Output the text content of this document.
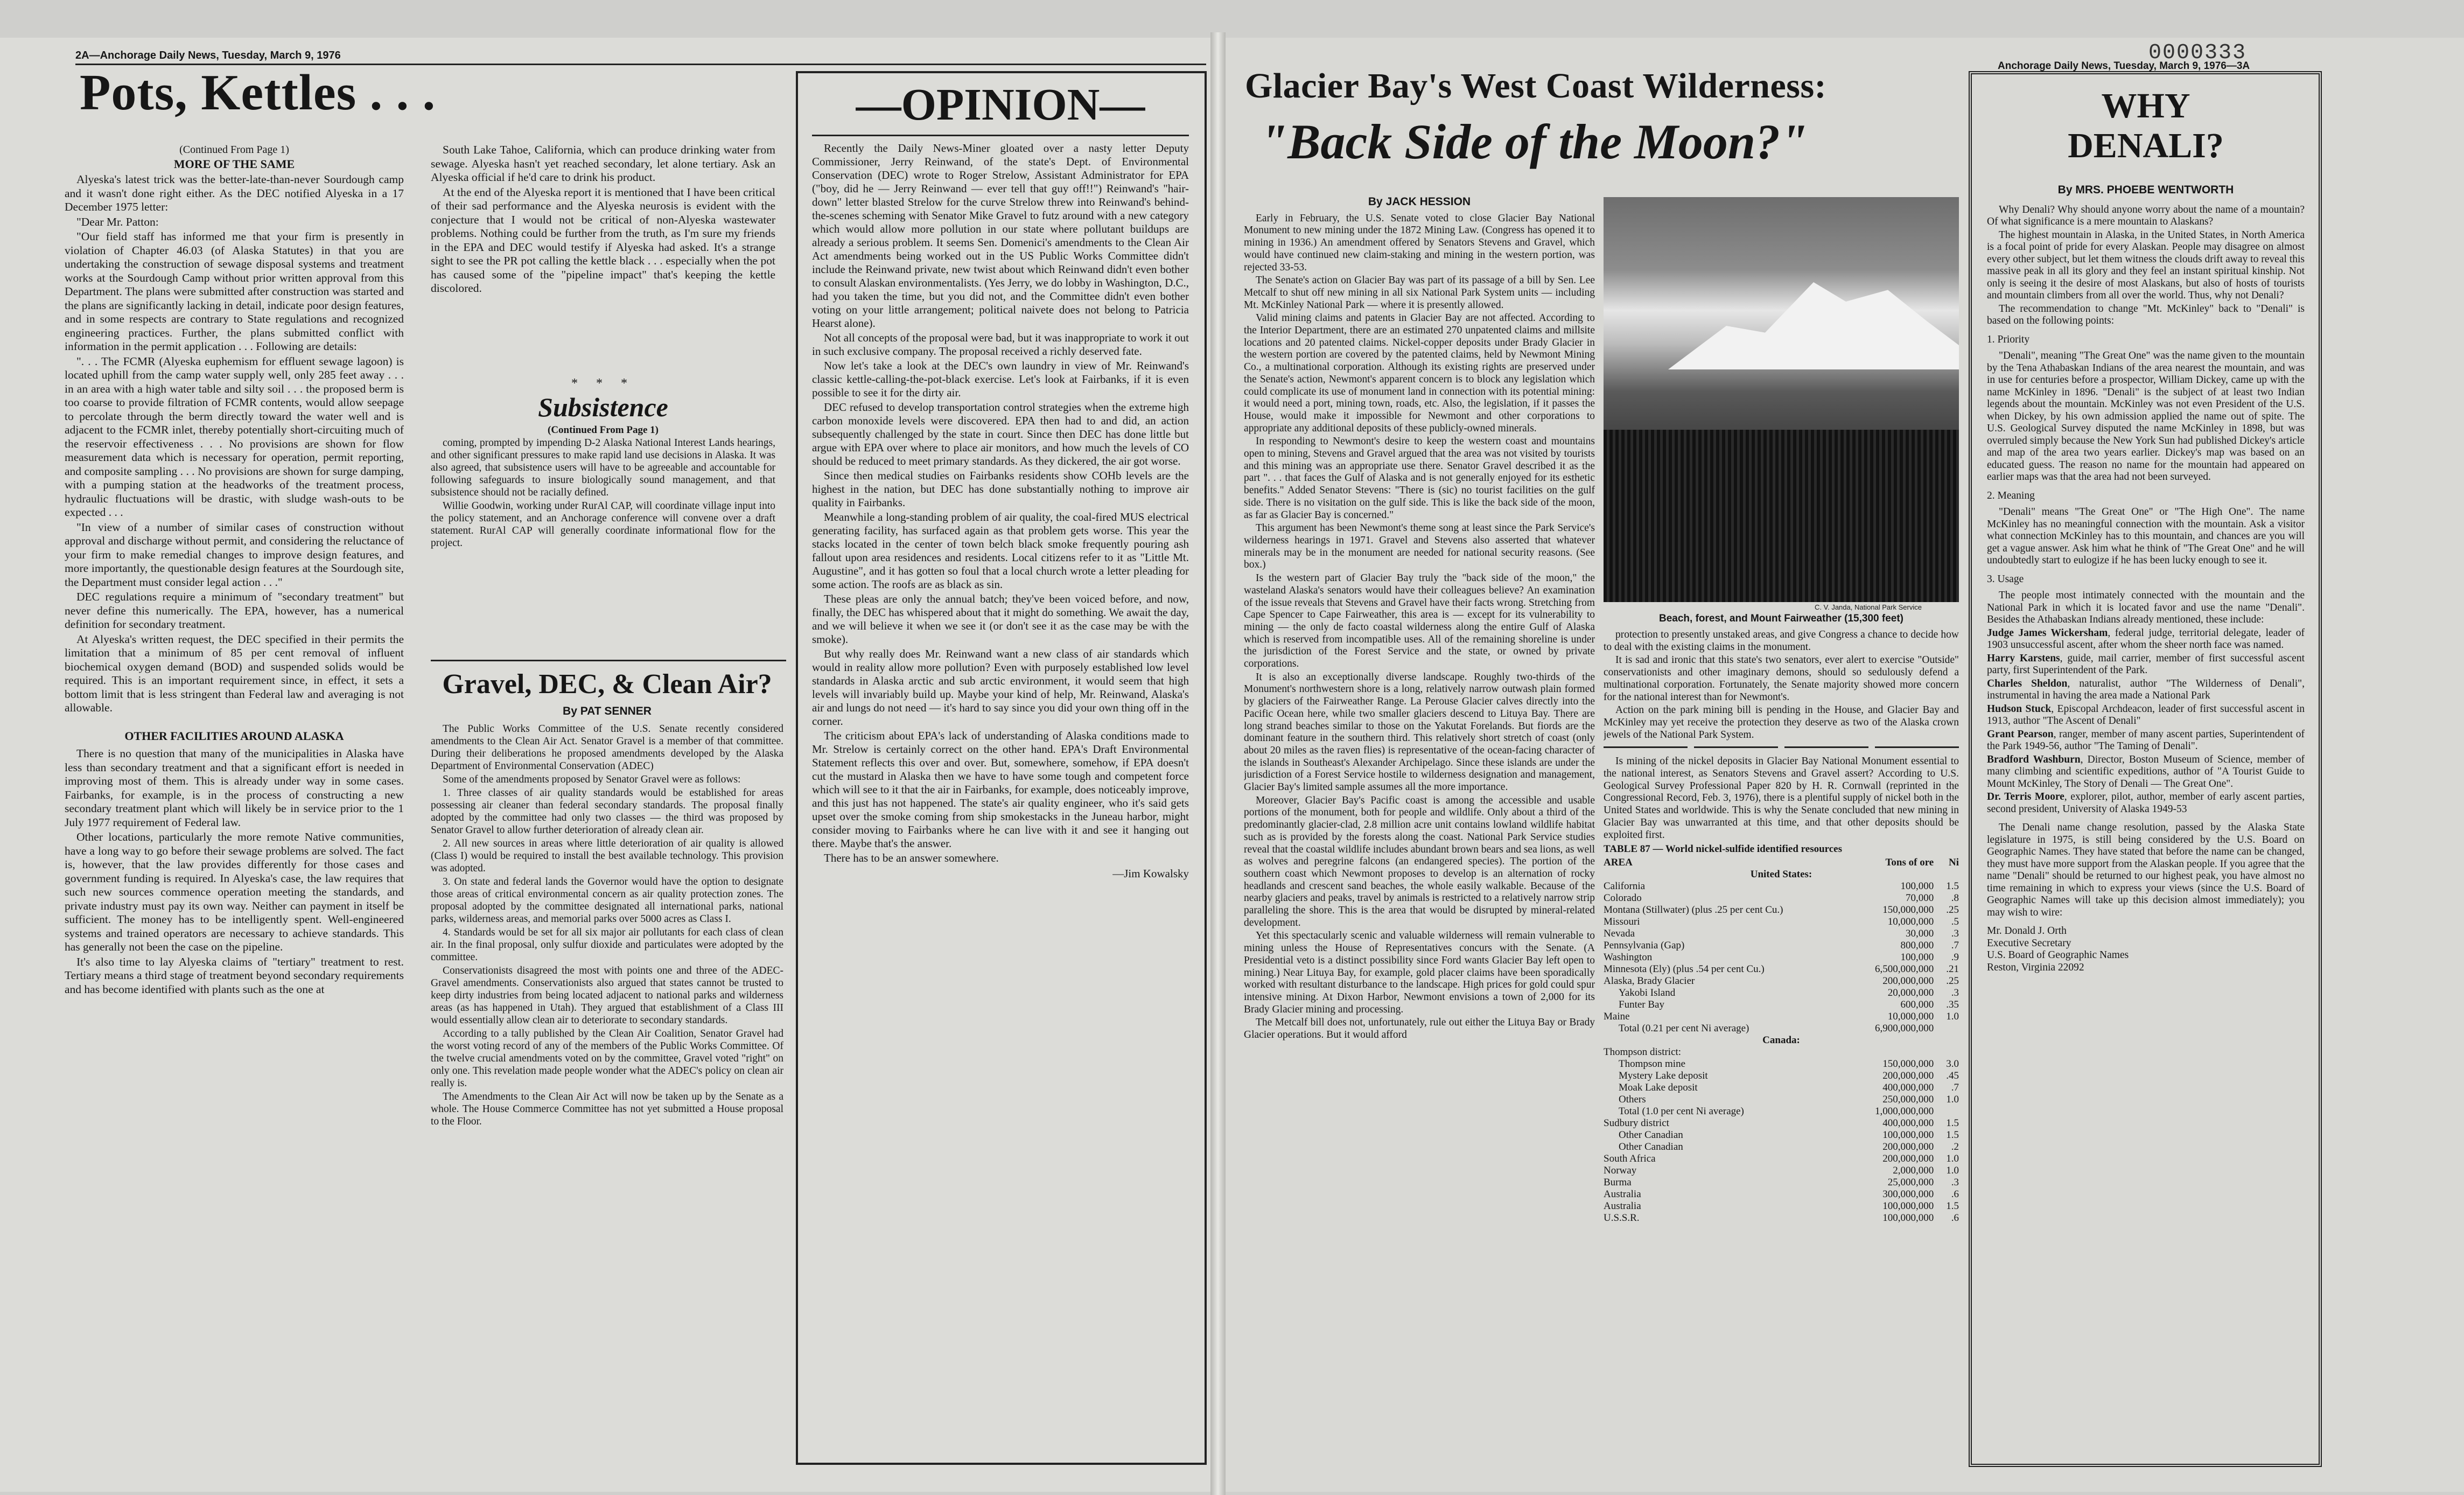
2A—Anchorage Daily News, Tuesday, March 9, 1976
Pots, Kettles . . .
(Continued From Page 1)
MORE OF THE SAME

Alyeska's latest trick was the better-late-than-never Sourdough camp and it wasn't done right either. As the DEC notified Alyeska in a 17 December 1975 letter:

"Dear Mr. Patton:

"Our field staff has informed me that your firm is presently in violation of Chapter 46.03 (of Alaska Statutes) in that you are undertaking the construction of sewage disposal systems and treatment works at the Sourdough Camp without prior written approval from this Department. The plans were submitted after construction was started and the plans are significantly lacking in detail, indicate poor design features, and in some respects are contrary to State regulations and recognized engineering practices. Further, the plans submitted conflict with information in the permit application . . . Following are details:

". . . The FCMR (Alyeska euphemism for effluent sewage lagoon) is located uphill from the camp water supply well, only 285 feet away . . . in an area with a high water table and silty soil . . . the proposed berm is too coarse to provide filtration of FCMR contents, would allow seepage to percolate through the berm directly toward the water well and is adjacent to the FCMR inlet, thereby potentially short-circuiting much of the reservoir effectiveness . . . No provisions are shown for flow measurement data which is necessary for operation, permit reporting, and composite sampling . . . No provisions are shown for surge damping, with a pumping station at the headworks of the treatment process, hydraulic fluctuations will be drastic, with sludge wash-outs to be expected . . .

"In view of a number of similar cases of construction without approval and discharge without permit, and considering the reluctance of your firm to make remedial changes to improve design features, and more importantly, the questionable design features at the Sourdough site, the Department must consider legal action . . ."

DEC regulations require a minimum of "secondary treatment" but never define this numerically. The EPA, however, has a numerical definition for secondary treatment.

At Alyeska's written request, the DEC specified in their permits the limitation that a minimum of 85 per cent removal of influent biochemical oxygen demand (BOD) and suspended solids would be required. This is an important requirement since, in effect, it sets a bottom limit that is less stringent than Federal law and averaging is not allowable.

OTHER FACILITIES AROUND ALASKA

There is no question that many of the municipalities in Alaska have less than secondary treatment and that a significant effort is needed in improving most of them. This is already under way in some cases. Fairbanks, for example, is in the process of constructing a new secondary treatment plant which will likely be in service prior to the 1 July 1977 requirement of Federal law.

Other locations, particularly the more remote Native communities, have a long way to go before their sewage problems are solved. The fact is, however, that the law provides differently for those cases and government funding is required. In Alyeska's case, the law requires that such new sources commence operation meeting the standards, and private industry must pay its own way. Neither can payment in itself be sufficient. The money has to be intelligently spent. Well-engineered systems and trained operators are necessary to achieve standards. This has generally not been the case on the pipeline.

It's also time to lay Alyeska claims of "tertiary" treatment to rest. Tertiary means a third stage of treatment beyond secondary requirements and has become identified with plants such as the one at

South Lake Tahoe, California, which can produce drinking water from sewage. Alyeska hasn't yet reached secondary, let alone tertiary. Ask an Alyeska official if he'd care to drink his product.

At the end of the Alyeska report it is mentioned that I have been critical of their sad performance and the Alyeska neurosis is evident with the conjecture that I would not be critical of non-Alyeska wastewater problems. Nothing could be further from the truth, as I'm sure my friends in the EPA and DEC would testify if Alyeska had asked. It's a strange sight to see the PR pot calling the kettle black . . . especially when the pot has caused some of the "pipeline impact" that's keeping the kettle discolored.

* * *
Subsistence
(Continued From Page 1)

coming, prompted by impending D-2 Alaska National Interest Lands hearings, and other significant pressures to make rapid land use decisions in Alaska. It was also agreed, that subsistence users will have to be agreeable and accountable for following safeguards to insure biologically sound management, and that subsistence should not be racially defined.

Willie Goodwin, working under RurAl CAP, will coordinate village input into the policy statement, and an Anchorage conference will convene over a draft statement. RurAl CAP will generally coordinate informational flow for the project.

Gravel, DEC, & Clean Air?
By PAT SENNER

The Public Works Committee of the U.S. Senate recently considered amendments to the Clean Air Act. Senator Gravel is a member of that committee. During their deliberations he proposed amendments developed by the Alaska Department of Environmental Conservation (ADEC)

Some of the amendments proposed by Senator Gravel were as follows:

1. Three classes of air quality standards would be established for areas possessing air cleaner than federal secondary standards. The proposal finally adopted by the committee had only two classes — the third was proposed by Senator Gravel to allow further deterioration of already clean air.

2. All new sources in areas where little deterioration of air quality is allowed (Class I) would be required to install the best available technology. This provision was adopted.

3. On state and federal lands the Governor would have the option to designate those areas of critical environmental concern as air quality protection zones. The proposal adopted by the committee designated all international parks, national parks, wilderness areas, and memorial parks over 5000 acres as Class I.

4. Standards would be set for all six major air pollutants for each class of clean air. In the final proposal, only sulfur dioxide and particulates were adopted by the committee.

Conservationists disagreed the most with points one and three of the ADEC-Gravel amendments. Conservationists also argued that states cannot be trusted to keep dirty industries from being located adjacent to national parks and wilderness areas (as has happened in Utah). They argued that establishment of a Class III would essentially allow clean air to deteriorate to secondary standards.

According to a tally published by the Clean Air Coalition, Senator Gravel had the worst voting record of any of the members of the Public Works Committee. Of the twelve crucial amendments voted on by the committee, Gravel voted "right" on only one. This revelation made people wonder what the ADEC's policy on clean air really is.

The Amendments to the Clean Air Act will now be taken up by the Senate as a whole. The House Commerce Committee has not yet submitted a House proposal to the Floor.

—OPINION—

Recently the Daily News-Miner gloated over a nasty letter Deputy Commissioner, Jerry Reinwand, of the state's Dept. of Environmental Conservation (DEC) wrote to Roger Strelow, Assistant Administrator for EPA ("boy, did he — Jerry Reinwand — ever tell that guy off!!") Reinwand's "hair-down" letter blasted Strelow for the curve Strelow threw into Reinwand's behind-the-scenes scheming with Senator Mike Gravel to futz around with a new category which would allow more pollution in our state where pollutant buildups are already a serious problem. It seems Sen. Domenici's amendments to the Clean Air Act amendments being worked out in the US Public Works Committee didn't include the Reinwand private, new twist about which Reinwand didn't even bother to consult Alaskan environmentalists. (Yes Jerry, we do lobby in Washington, D.C., had you taken the time, but you did not, and the Committee didn't even bother voting on your little arrangement; political naivete does not belong to Patricia Hearst alone).

Not all concepts of the proposal were bad, but it was inappropriate to work it out in such exclusive company. The proposal received a richly deserved fate.

Now let's take a look at the DEC's own laundry in view of Mr. Reinwand's classic kettle-calling-the-pot-black exercise. Let's look at Fairbanks, if it is even possible to see it for the dirty air.

DEC refused to develop transportation control strategies when the extreme high carbon monoxide levels were discovered. EPA then had to and did, an action subsequently challenged by the state in court. Since then DEC has done little but argue with EPA over where to place air monitors, and how much the levels of CO should be reduced to meet primary standards. As they dickered, the air got worse.

Since then medical studies on Fairbanks residents show COHb levels are the highest in the nation, but DEC has done substantially nothing to improve air quality in Fairbanks.

Meanwhile a long-standing problem of air quality, the coal-fired MUS electrical generating facility, has surfaced again as that problem gets worse. This year the stacks located in the center of town belch black smoke frequently pouring ash fallout upon area residences and residents. Local citizens refer to it as "Little Mt. Augustine", and it has gotten so foul that a local church wrote a letter pleading for some action. The roofs are as black as sin.

These pleas are only the annual batch; they've been voiced before, and now, finally, the DEC has whispered about that it might do something. We await the day, and we will believe it when we see it (or don't see it as the case may be with the smoke).

But why really does Mr. Reinwand want a new class of air standards which would in reality allow more pollution? Even with purposely established low level standards in Alaska arctic and sub arctic environment, it would seem that high levels will invariably build up. Maybe your kind of help, Mr. Reinwand, Alaska's air and lungs do not need — it's hard to say since you did your own thing off in the corner.

The criticism about EPA's lack of understanding of Alaska conditions made to Mr. Strelow is certainly correct on the other hand. EPA's Draft Environmental Statement reflects this over and over. But, somewhere, somehow, if EPA doesn't cut the mustard in Alaska then we have to have some tough and competent force which will see to it that the air in Fairbanks, for example, does noticeably improve, and this just has not happened. The state's air quality engineer, who it's said gets upset over the smoke coming from ship smokestacks in the Juneau harbor, might consider moving to Fairbanks where he can live with it and see it hanging out there. Maybe that's the answer.

There has to be an answer somewhere.

—Jim Kowalsky
Anchorage Daily News, Tuesday, March 9, 1976—3A
0000333
Glacier Bay's West Coast Wilderness:
"Back Side of the Moon?"
C. V. Janda, National Park Service
Beach, forest, and Mount Fairweather (15,300 feet)
By JACK HESSION

Early in February, the U.S. Senate voted to close Glacier Bay National Monument to new mining under the 1872 Mining Law. (Congress has opened it to mining in 1936.) An amendment offered by Senators Stevens and Gravel, which would have continued new claim-staking and mining in the western portion, was rejected 33-53.

The Senate's action on Glacier Bay was part of its passage of a bill by Sen. Lee Metcalf to shut off new mining in all six National Park System units — including Mt. McKinley National Park — where it is presently allowed.

Valid mining claims and patents in Glacier Bay are not affected. According to the Interior Department, there are an estimated 270 unpatented claims and millsite locations and 20 patented claims. Nickel-copper deposits under Brady Glacier in the western portion are covered by the patented claims, held by Newmont Mining Co., a multinational corporation. Although its existing rights are preserved under the Senate's action, Newmont's apparent concern is to block any legislation which could complicate its use of monument land in connection with its potential mining: it would need a port, mining town, roads, etc. Also, the legislation, if it passes the House, would make it impossible for Newmont and other corporations to appropriate any additional deposits of these publicly-owned minerals.

In responding to Newmont's desire to keep the western coast and mountains open to mining, Stevens and Gravel argued that the area was not visited by tourists and this mining was an appropriate use there. Senator Gravel described it as the part ". . . that faces the Gulf of Alaska and is not generally enjoyed for its esthetic benefits." Added Senator Stevens: "There is (sic) no tourist facilities on the gulf side. There is no visitation on the gulf side. This is like the back side of the moon, as far as Glacier Bay is concerned."

This argument has been Newmont's theme song at least since the Park Service's wilderness hearings in 1971. Gravel and Stevens also asserted that whatever minerals may be in the monument are needed for national security reasons. (See box.)

Is the western part of Glacier Bay truly the "back side of the moon," the wasteland Alaska's senators would have their colleagues believe? An examination of the issue reveals that Stevens and Gravel have their facts wrong. Stretching from Cape Spencer to Cape Fairweather, this area is — except for its vulnerability to mining — the only de facto coastal wilderness along the entire Gulf of Alaska which is reserved from incompatible uses. All of the remaining shoreline is under the jurisdiction of the Forest Service and the state, or owned by private corporations.

It is also an exceptionally diverse landscape. Roughly two-thirds of the Monument's northwestern shore is a long, relatively narrow outwash plain formed by glaciers of the Fairweather Range. La Perouse Glacier calves directly into the Pacific Ocean here, while two smaller glaciers descend to Lituya Bay. There are long strand beaches similar to those on the Yakutat Forelands. But fiords are the dominant feature in the southern third. This relatively short stretch of coast (only about 20 miles as the raven flies) is representative of the ocean-facing character of the islands in Southeast's Alexander Archipelago. Since these islands are under the jurisdiction of a Forest Service hostile to wilderness designation and management, Glacier Bay's limited sample assumes all the more importance.

Moreover, Glacier Bay's Pacific coast is among the accessible and usable portions of the monument, both for people and wildlife. Only about a third of the predominantly glacier-clad, 2.8 million acre unit contains lowland wildlife habitat such as is provided by the forests along the coast. National Park Service studies reveal that the coastal wildlife includes abundant brown bears and sea lions, as well as wolves and peregrine falcons (an endangered species). The portion of the southern coast which Newmont proposes to develop is an alternation of rocky headlands and crescent sand beaches, the whole easily walkable. Because of the nearby glaciers and peaks, travel by animals is restricted to a relatively narrow strip paralleling the shore. This is the area that would be disrupted by mineral-related development.

Yet this spectacularly scenic and valuable wilderness will remain vulnerable to mining unless the House of Representatives concurs with the Senate. (A Presidential veto is a distinct possibility since Ford wants Glacier Bay left open to mining.) Near Lituya Bay, for example, gold placer claims have been sporadically worked with resultant disturbance to the landscape. High prices for gold could spur intensive mining. At Dixon Harbor, Newmont envisions a town of 2,000 for its Brady Glacier mining and processing.

The Metcalf bill does not, unfortunately, rule out either the Lituya Bay or Brady Glacier operations. But it would afford

protection to presently unstaked areas, and give Congress a chance to decide how to deal with the existing claims in the monument.

It is sad and ironic that this state's two senators, ever alert to exercise "Outside" conservationists and other imaginary demons, should so sedulously defend a multinational corporation. Fortunately, the Senate majority showed more concern for the national interest than for Newmont's.

Action on the park mining bill is pending in the House, and Glacier Bay and McKinley may yet receive the protection they deserve as two of the Alaska crown jewels of the National Park System.

Is mining of the nickel deposits in Glacier Bay National Monument essential to the national interest, as Senators Stevens and Gravel assert? According to U.S. Geological Survey Professional Paper 820 by H. R. Cornwall (reprinted in the Congressional Record, Feb. 3, 1976), there is a plentiful supply of nickel both in the United States and worldwide. This is why the Senate concluded that new mining in Glacier Bay was unwarranted at this time, and that other deposits should be exploited first.

TABLE 87 — World nickel-sulfide identified resources
AREA	Tons of ore	Ni
United States:		
California	100,000	1.5
Colorado	70,000	.8
Montana (Stillwater) (plus .25 per cent Cu.)	150,000,000	.25
Missouri	10,000,000	.5
Nevada	30,000	.3
Pennsylvania (Gap)	800,000	.7
Washington	100,000	.9
Minnesota (Ely) (plus .54 per cent Cu.)	6,500,000,000	.21
Alaska, Brady Glacier	200,000,000	.25
Yakobi Island	20,000,000	.3
Funter Bay	600,000	.35
Maine	10,000,000	1.0
Total (0.21 per cent Ni average)	6,900,000,000	
Canada:		
Thompson district:		
Thompson mine	150,000,000	3.0
Mystery Lake deposit	200,000,000	.45
Moak Lake deposit	400,000,000	.7
Others	250,000,000	1.0
Total (1.0 per cent Ni average)	1,000,000,000	
Sudbury district	400,000,000	1.5
Other Canadian	100,000,000	1.5
Other Canadian	200,000,000	.2
South Africa	200,000,000	1.0
Norway	2,000,000	1.0
Burma	25,000,000	.3
Australia	300,000,000	.6
Australia	100,000,000	1.5
U.S.S.R.	100,000,000	.6
WHY DENALI?
By MRS. PHOEBE WENTWORTH

Why Denali? Why should anyone worry about the name of a mountain? Of what significance is a mere mountain to Alaskans?

The highest mountain in Alaska, in the United States, in North America is a focal point of pride for every Alaskan. People may disagree on almost every other subject, but let them witness the clouds drift away to reveal this massive peak in all its glory and they feel an instant spiritual kinship. Not only is seeing it the desire of most Alaskans, but also of hosts of tourists and mountain climbers from all over the world. Thus, why not Denali?

The recommendation to change "Mt. McKinley" back to "Denali" is based on the following points:

1. Priority

"Denali", meaning "The Great One" was the name given to the mountain by the Tena Athabaskan Indians of the area nearest the mountain, and was in use for centuries before a prospector, William Dickey, came up with the name McKinley in 1896. "Denali" is the subject of at least two Indian legends about the mountain. McKinley was not even President of the U.S. when Dickey, by his own admission applied the name out of spite. The U.S. Geological Survey disputed the name McKinley in 1898, but was overruled simply because the New York Sun had published Dickey's article and map of the area two years earlier. Dickey's map was based on an educated guess. The reason no name for the mountain had appeared on earlier maps was that the area had not been surveyed.

2. Meaning

"Denali" means "The Great One" or "The High One". The name McKinley has no meaningful connection with the mountain. Ask a visitor what connection McKinley has to this mountain, and chances are you will get a vague answer. Ask him what he think of "The Great One" and he will undoubtedly start to eulogize if he has been lucky enough to see it.

3. Usage

The people most intimately connected with the mountain and the National Park in which it is located favor and use the name "Denali". Besides the Athabaskan Indians already mentioned, these include:

Judge James Wickersham, federal judge, territorial delegate, leader of 1903 unsuccessful ascent, after whom the sheer north face was named.

Harry Karstens, guide, mail carrier, member of first successful ascent party, first Superintendent of the Park.

Charles Sheldon, naturalist, author "The Wilderness of Denali", instrumental in having the area made a National Park

Hudson Stuck, Episcopal Archdeacon, leader of first successful ascent in 1913, author "The Ascent of Denali"

Grant Pearson, ranger, member of many ascent parties, Superintendent of the Park 1949-56, author "The Taming of Denali".

Bradford Washburn, Director, Boston Museum of Science, member of many climbing and scientific expeditions, author of "A Tourist Guide to Mount McKinley, The Story of Denali — The Great One".

Dr. Terris Moore, explorer, pilot, author, member of early ascent parties, second president, University of Alaska 1949-53

The Denali name change resolution, passed by the Alaska State legislature in 1975, is still being considered by the U.S. Board on Geographic Names. They have stated that before the name can be changed, they must have more support from the Alaskan people. If you agree that the name "Denali" should be returned to our highest peak, you have almost no time remaining in which to express your views (since the U.S. Board of Geographic Names will take up this decision almost immediately); you may wish to wire:

Mr. Donald J. Orth
Executive Secretary
U.S. Board of Geographic Names
Reston, Virginia 22092
